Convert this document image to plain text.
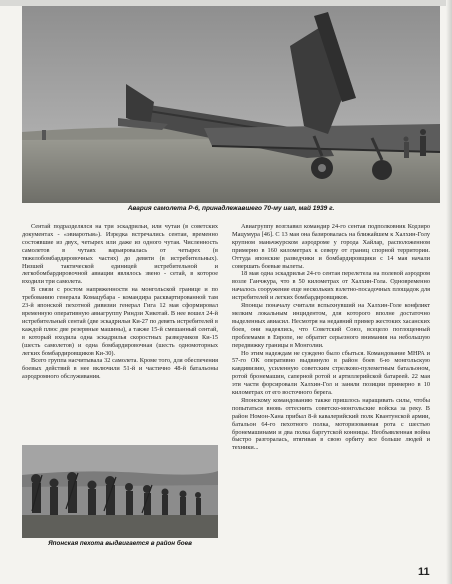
Авария самолета Р-6, принадлежавшего 70-му иап, май 1939 г.

Сентай подразделялся на три эскадрильи, или чутаи (в советских документах - «эвиаротыя»). Изредка встречались сентаи, временно состоявшие из двух, четырех или даже из одного чутая. Численность самолетов в чутаях варьировалась от четырех (в тяжелобомбардировочных частях) до девяти (в истребительных). Низшей тактической единицей истребительной и легкобомбардировочной авиации являлось звено - сетай, в которое входили три самолета.

В связи с ростом напряженности на монгольской границе и по требованию генерала Комацубара - командира расквартированной там 23-й японской пехотной дивизии генерал Гига 12 мая сформировал временную оперативную авиагруппу Риндзи Хикотай. В нее вошел 24-й истребительный сентай (две эскадрильи Ки-27 по девять истребителей в каждой плюс две резервные машины), а также 15-й смешанный сентай, в который входила одна эскадрилья скоростных разведчиков Ки-15 (шесть самолетов) и одна бомбардировочная (шесть одномоторных легких бомбардировщиков Ки-30).

Всего группа насчитывала 32 самолета. Кроме того, для обеспечения боевых действий в нее включили 51-й и частично 48-й батальоны аэродромного обслуживания.

Авиагруппу возглавил командир 24-го сентая подполковник Кодзиро Мацумура [46]. С 13 мая она базировалась на ближайшем к Халхин-Голу крупном маньчжурском аэродроме у города Хайлар, расположенном примерно в 160 километрах к северу от границ спорной территории. Оттуда японские разведчики и бомбардировщики с 14 мая начали совершать боевые вылеты.

18 мая одна эскадрилья 24-го сентая перелетела на полевой аэродром возле Ганчжура, что в 50 километрах от Халхин-Гола. Одновременно началось сооружение еще нескольких взлетно-посадочных площадок для истребителей и легких бомбардировщиков.

Японцы поначалу считали вспыхнувший на Халхин-Голе конфликт мелким локальным инцидентом, для которого вполне достаточно выделенных авиасил. Несмотря на недавний пример жестоких хасанских боев, они надеялись, что Советский Союз, всецело поглощенный проблемами в Европе, не обратит серьезного внимания на небольшую передвижку границы в Монголии.

Но этим надеждам не суждено было сбыться. Командование МНРА и 57-го ОК оперативно выдвинуло в район боев 6-ю монгольскую кавдивизию, усиленную советским стрелково-пулеметным батальоном, ротой бронемашин, саперной ротой и артиллерийской батареей. 22 мая эти части форсировали Халхин-Гол и заняли позиции примерно в 10 километрах от его восточного берега.

Японскому командованию также пришлось наращивать силы, чтобы попытаться вновь оттеснить советско-монгольские войска за реку. В район Номон-Хана прибыл 8-й кавалерийский полк Квантунской армии, батальон 64-го пехотного полка, моторизованная рота с шестью бронемашинами и два полка баргутской конницы. Необъявленная война быстро разгоралась, втягивая в свою орбиту все больше людей и техники...

Японская пехота выдвигается в район боев
11
